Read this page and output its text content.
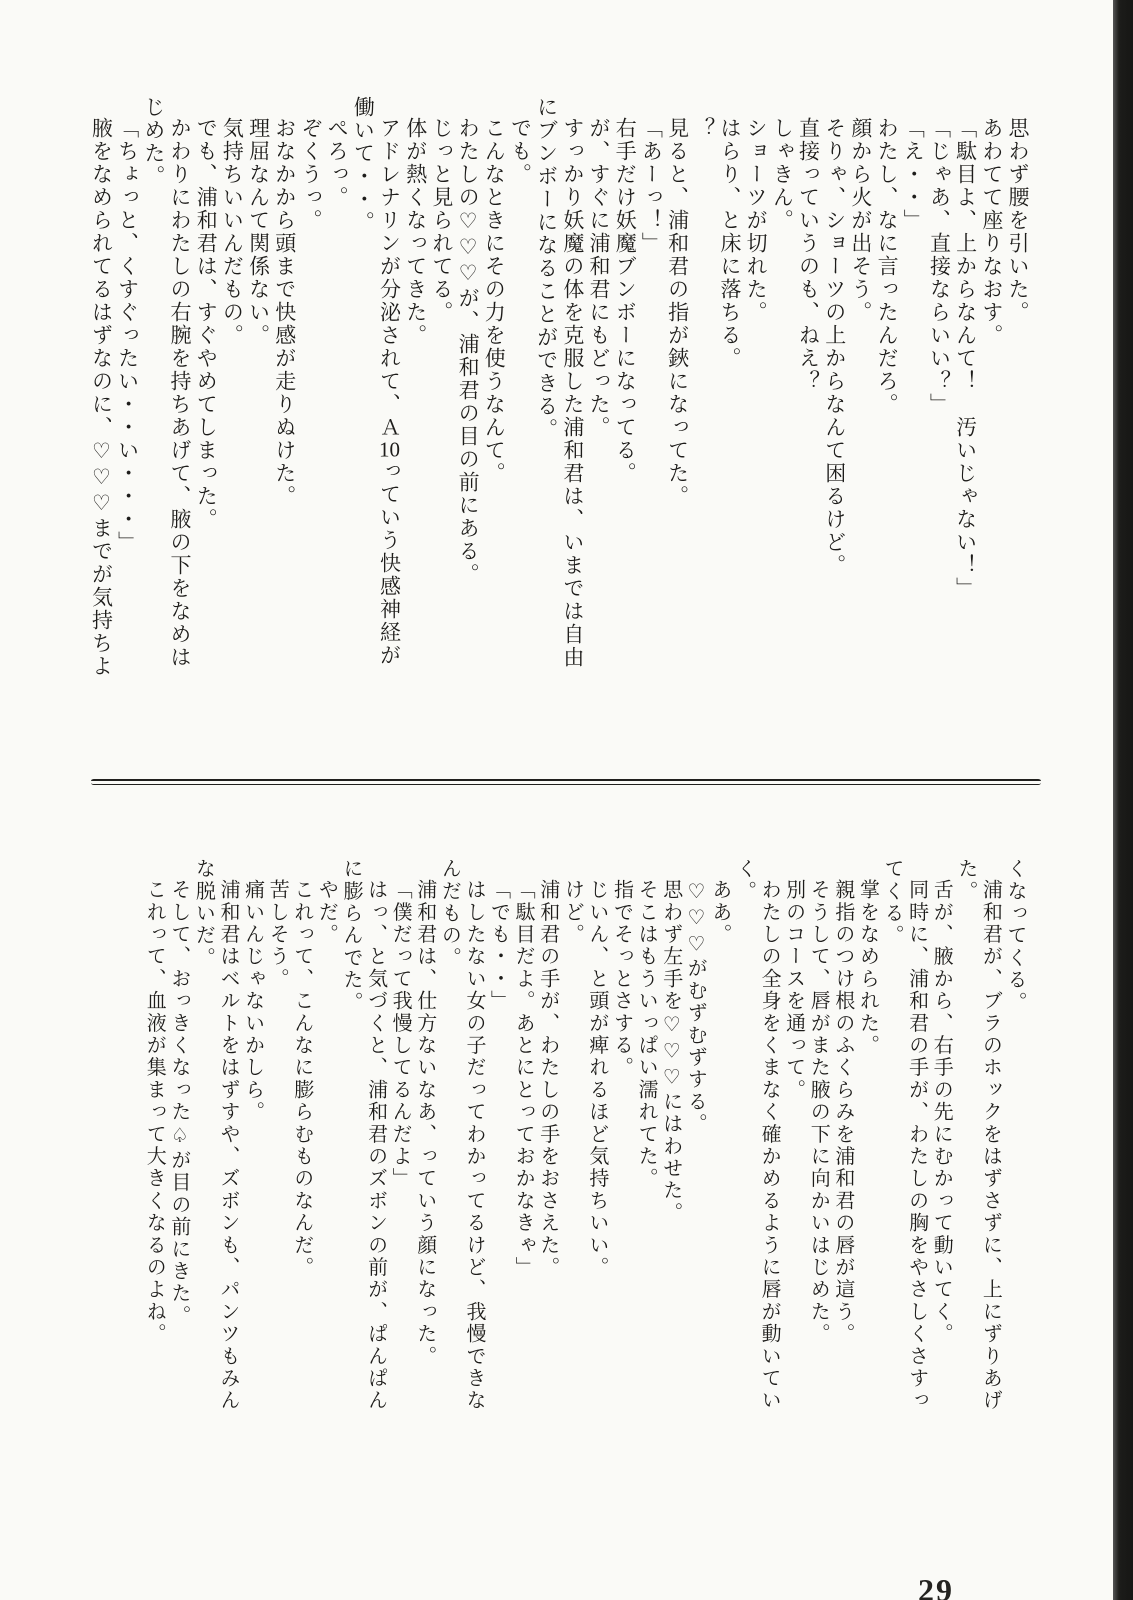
思わず腰を引いた。
あわてて座りなおす。
「駄目よ、上からなんて！　汚いじゃない！」
「じゃあ、直接ならいい？」
「え・・」
わたし、なに言ったんだろ。
顔から火が出そう。
そりゃ、ショーツの上からなんて困るけど。
直接っていうのも、ねえ？
しゃきん。
ショーツが切れた。
はらり、と床に落ちる。
？
見ると、浦和君の指が鋏になってた。
「あーっ！」
右手だけ妖魔ブンボーになってる。
が、すぐに浦和君にもどった。
すっかり妖魔の体を克服した浦和君は、いまでは自由
にブンボーになることができる。
でも。
こんなときにその力を使うなんて。
わたしの♡♡♡が、浦和君の目の前にある。
じっと見られてる。
体が熱くなってきた。
アドレナリンが分泌されて、Ａ10っていう快感神経が
働いて・・。
ぺろっ。
ぞくうっ。
おなかから頭まで快感が走りぬけた。
理屈なんて関係ない。
気持ちいいんだもの。
でも、浦和君は、すぐやめてしまった。
かわりにわたしの右腕を持ちあげて、腋の下をなめは
じめた。
「ちょっと、くすぐったい・・い・・・」
腋をなめられてるはずなのに、♡♡♡までが気持ちよ
くなってくる。
浦和君が、ブラのホックをはずさずに、上にずりあげ
た。
舌が、腋から、右手の先にむかって動いてく。
同時に、浦和君の手が、わたしの胸をやさしくさすっ
てくる。
掌をなめられた。
親指のつけ根のふくらみを浦和君の唇が這う。
そうして、唇がまた腋の下に向かいはじめた。
別のコースを通って。
わたしの全身をくまなく確かめるように唇が動いてい
く。
ああ。
♡♡♡がむずむずする。
思わず左手を♡♡♡にはわせた。
そこはもういっぱい濡れてた。
指でそっとさする。
じいん、と頭が痺れるほど気持ちいい。
けど。
浦和君の手が、わたしの手をおさえた。
「駄目だよ。あとにとっておかなきゃ」
「でも・・」
はしたない女の子だってわかってるけど、我慢できな
んだもの。
浦和君は、仕方ないなあ、っていう顔になった。
「僕だって我慢してるんだよ」
はっ、と気づくと、浦和君のズボンの前が、ぱんぱん
に膨らんでた。
やだ。
これって、こんなに膨らむものなんだ。
苦しそう。
痛いんじゃないかしら。
浦和君はベルトをはずすや、ズボンも、パンツもみん
な脱いだ。
そして、おっきくなった♤が目の前にきた。
これって、血液が集まって大きくなるのよね。
29
